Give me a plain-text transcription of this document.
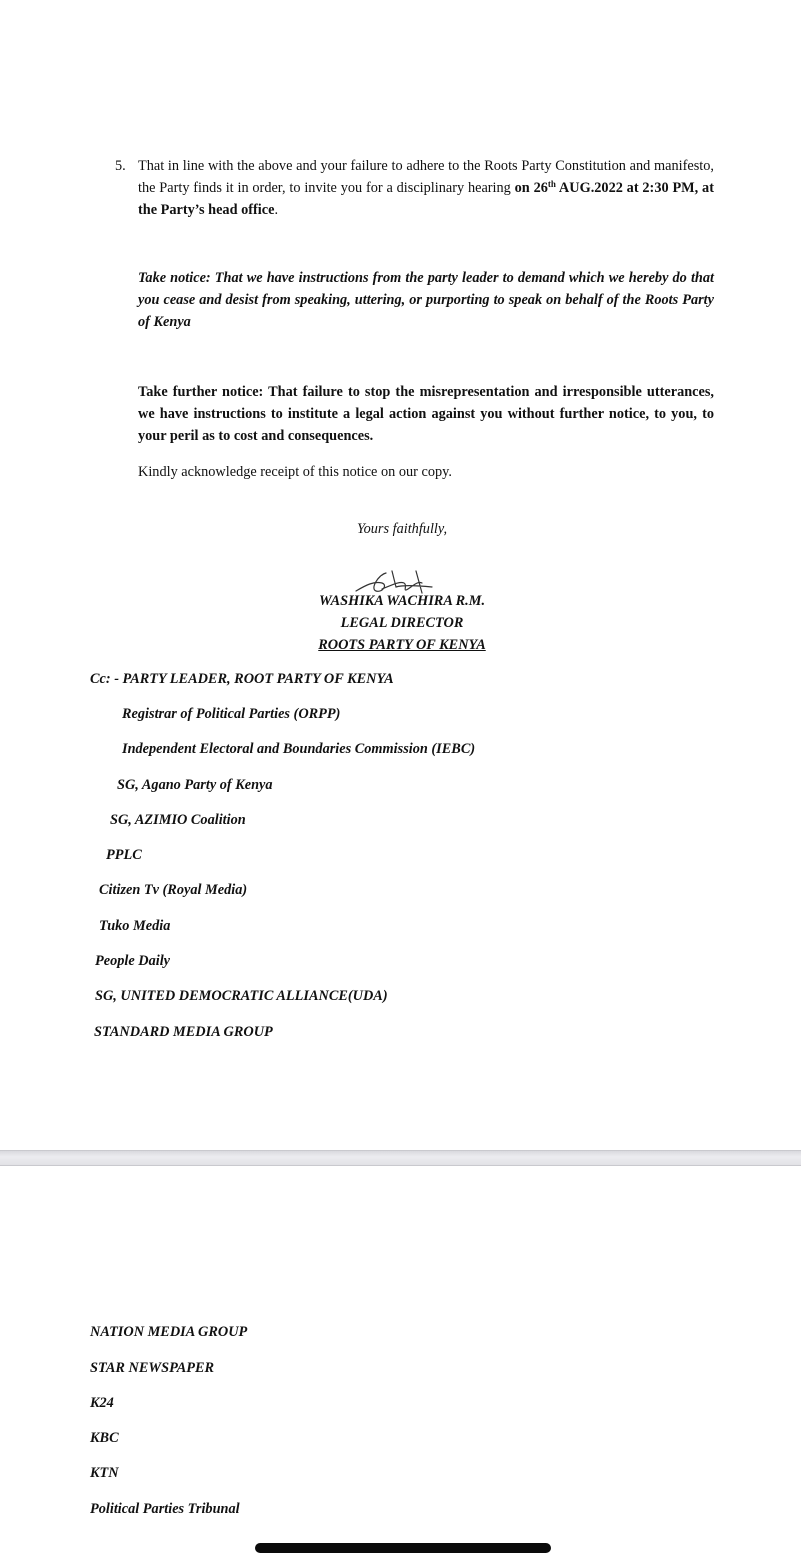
5. That in line with the above and your failure to adhere to the Roots Party Constitution and manifesto, the Party finds it in order, to invite you for a disciplinary hearing on 26th AUG.2022 at 2:30 PM, at the Party’s head office.
Take notice: That we have instructions from the party leader to demand which we hereby do that you cease and desist from speaking, uttering, or purporting to speak on behalf of the Roots Party of Kenya
Take further notice: That failure to stop the misrepresentation and irresponsible utterances, we have instructions to institute a legal action against you without further notice, to you, to your peril as to cost and consequences.
Kindly acknowledge receipt of this notice on our copy.
Yours faithfully,
WASHIKA WACHIRA R.M.
LEGAL DIRECTOR
ROOTS PARTY OF KENYA
Cc: - PARTY LEADER, ROOT PARTY OF KENYA
Registrar of Political Parties (ORPP)
Independent Electoral and Boundaries Commission (IEBC)
SG, Agano Party of Kenya
SG, AZIMIO Coalition
PPLC
Citizen Tv (Royal Media)
Tuko Media
People Daily
SG, UNITED DEMOCRATIC ALLIANCE(UDA)
STANDARD MEDIA GROUP
NATION MEDIA GROUP
STAR NEWSPAPER
K24
KBC
KTN
Political Parties Tribunal
